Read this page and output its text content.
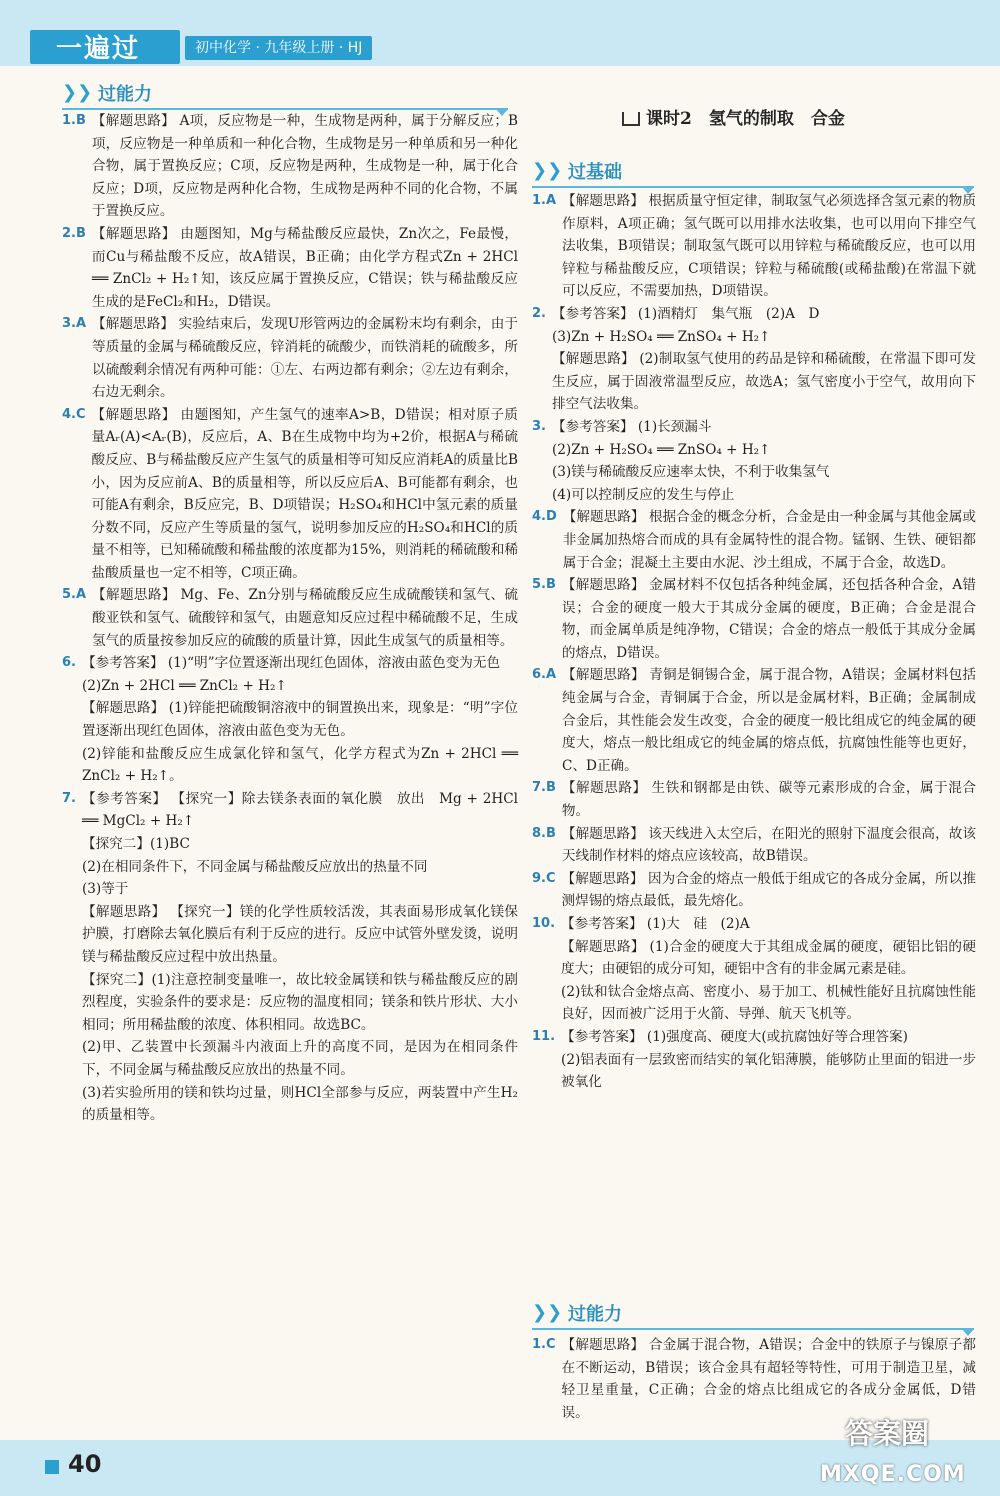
一遍过	初中化学 · 九年级上册 · HJ
❯❯ 过能力
1.B 【解题思路】 A项，反应物是一种，生成物是两种，属于分解反应；B项，反应物是一种单质和一种化合物，生成物是另一种单质和另一种化合物，属于置换反应；C项，反应物是两种，生成物是一种，属于化合反应；D项，反应物是两种化合物，生成物是两种不同的化合物，不属于置换反应。

2.B 【解题思路】 由题图知，Mg与稀盐酸反应最快，Zn次之，Fe最慢，而Cu与稀盐酸不反应，故A错误，B正确；由化学方程式Zn + 2HCl ══ ZnCl₂ + H₂↑知，该反应属于置换反应，C错误；铁与稀盐酸反应生成的是FeCl₂和H₂，D错误。

3.A 【解题思路】 实验结束后，发现U形管两边的金属粉末均有剩余，由于等质量的金属与稀硫酸反应，锌消耗的硫酸少，而铁消耗的硫酸多，所以硫酸剩余情况有两种可能：①左、右两边都有剩余；②左边有剩余，右边无剩余。

4.C 【解题思路】 由题图知，产生氢气的速率A>B，D错误；相对原子质量Aᵣ(A)<Aᵣ(B)，反应后，A、B在生成物中均为+2价，根据A与稀硫酸反应、B与稀盐酸反应产生氢气的质量相等可知反应消耗A的质量比B小，因为反应前A、B的质量相等，所以反应后A、B可能都有剩余，也可能A有剩余，B反应完，B、D项错误；H₂SO₄和HCl中氢元素的质量分数不同，反应产生等质量的氢气，说明参加反应的H₂SO₄和HCl的质量不相等，已知稀硫酸和稀盐酸的浓度都为15%，则消耗的稀硫酸和稀盐酸质量也一定不相等，C项正确。

5.A 【解题思路】 Mg、Fe、Zn分别与稀硫酸反应生成硫酸镁和氢气、硫酸亚铁和氢气、硫酸锌和氢气，由题意知反应过程中稀硫酸不足，生成氢气的质量按参加反应的硫酸的质量计算，因此生成氢气的质量相等。

6. 【参考答案】 (1)“明”字位置逐渐出现红色固体，溶液由蓝色变为无色

(2)Zn + 2HCl ══ ZnCl₂ + H₂↑

【解题思路】 (1)锌能把硫酸铜溶液中的铜置换出来，现象是：“明”字位置逐渐出现红色固体，溶液由蓝色变为无色。

(2)锌能和盐酸反应生成氯化锌和氢气，化学方程式为Zn + 2HCl ══ ZnCl₂ + H₂↑。

7. 【参考答案】 【探究一】除去镁条表面的氧化膜　放出　Mg + 2HCl ══ MgCl₂ + H₂↑

【探究二】(1)BC

(2)在相同条件下，不同金属与稀盐酸反应放出的热量不同

(3)等于

【解题思路】 【探究一】镁的化学性质较活泼，其表面易形成氧化镁保护膜，打磨除去氧化膜后有利于反应的进行。反应中试管外壁发烫，说明镁与稀盐酸反应过程中放出热量。

【探究二】(1)注意控制变量唯一，故比较金属镁和铁与稀盐酸反应的剧烈程度，实验条件的要求是：反应物的温度相同；镁条和铁片形状、大小相同；所用稀盐酸的浓度、体积相同。故选BC。

(2)甲、乙装置中长颈漏斗内液面上升的高度不同，是因为在相同条件下，不同金属与稀盐酸反应放出的热量不同。

(3)若实验所用的镁和铁均过量，则HCl全部参与反应，两装置中产生H₂的质量相等。

课时2　氢气的制取　合金
❯❯ 过基础
1.A 【解题思路】 根据质量守恒定律，制取氢气必须选择含氢元素的物质作原料，A项正确；氢气既可以用排水法收集，也可以用向下排空气法收集，B项错误；制取氢气既可以用锌粒与稀硫酸反应，也可以用锌粒与稀盐酸反应，C项错误；锌粒与稀硫酸(或稀盐酸)在常温下就可以反应，不需要加热，D项错误。

2. 【参考答案】 (1)酒精灯　集气瓶　(2)A　D

(3)Zn + H₂SO₄ ══ ZnSO₄ + H₂↑

【解题思路】 (2)制取氢气使用的药品是锌和稀硫酸，在常温下即可发生反应，属于固液常温型反应，故选A；氢气密度小于空气，故用向下排空气法收集。

3. 【参考答案】 (1)长颈漏斗

(2)Zn + H₂SO₄ ══ ZnSO₄ + H₂↑

(3)镁与稀硫酸反应速率太快，不利于收集氢气

(4)可以控制反应的发生与停止

4.D 【解题思路】 根据合金的概念分析，合金是由一种金属与其他金属或非金属加热熔合而成的具有金属特性的混合物。锰钢、生铁、硬铝都属于合金；混凝土主要由水泥、沙土组成，不属于合金，故选D。

5.B 【解题思路】 金属材料不仅包括各种纯金属，还包括各种合金，A错误；合金的硬度一般大于其成分金属的硬度，B正确；合金是混合物，而金属单质是纯净物，C错误；合金的熔点一般低于其成分金属的熔点，D错误。

6.A 【解题思路】 青铜是铜锡合金，属于混合物，A错误；金属材料包括纯金属与合金，青铜属于合金，所以是金属材料，B正确；金属制成合金后，其性能会发生改变，合金的硬度一般比组成它的纯金属的硬度大，熔点一般比组成它的纯金属的熔点低，抗腐蚀性能等也更好，C、D正确。

7.B 【解题思路】 生铁和钢都是由铁、碳等元素形成的合金，属于混合物。

8.B 【解题思路】 该天线进入太空后，在阳光的照射下温度会很高，故该天线制作材料的熔点应该较高，故B错误。

9.C 【解题思路】 因为合金的熔点一般低于组成它的各成分金属，所以推测焊锡的熔点最低，最先熔化。

10. 【参考答案】 (1)大　硅　(2)A

【解题思路】 (1)合金的硬度大于其组成金属的硬度，硬铝比铝的硬度大；由硬铝的成分可知，硬铝中含有的非金属元素是硅。

(2)钛和钛合金熔点高、密度小、易于加工、机械性能好且抗腐蚀性能良好，因而被广泛用于火箭、导弹、航天飞机等。

11. 【参考答案】 (1)强度高、硬度大(或抗腐蚀好等合理答案)

(2)铝表面有一层致密而结实的氧化铝薄膜，能够防止里面的铝进一步被氧化

❯❯ 过能力
1.C 【解题思路】 合金属于混合物，A错误；合金中的铁原子与镍原子都在不断运动，B错误；该合金具有超轻等特性，可用于制造卫星，减轻卫星重量，C正确；合金的熔点比组成它的各成分金属低，D错误。

40
答案圈
MXQE.COM
